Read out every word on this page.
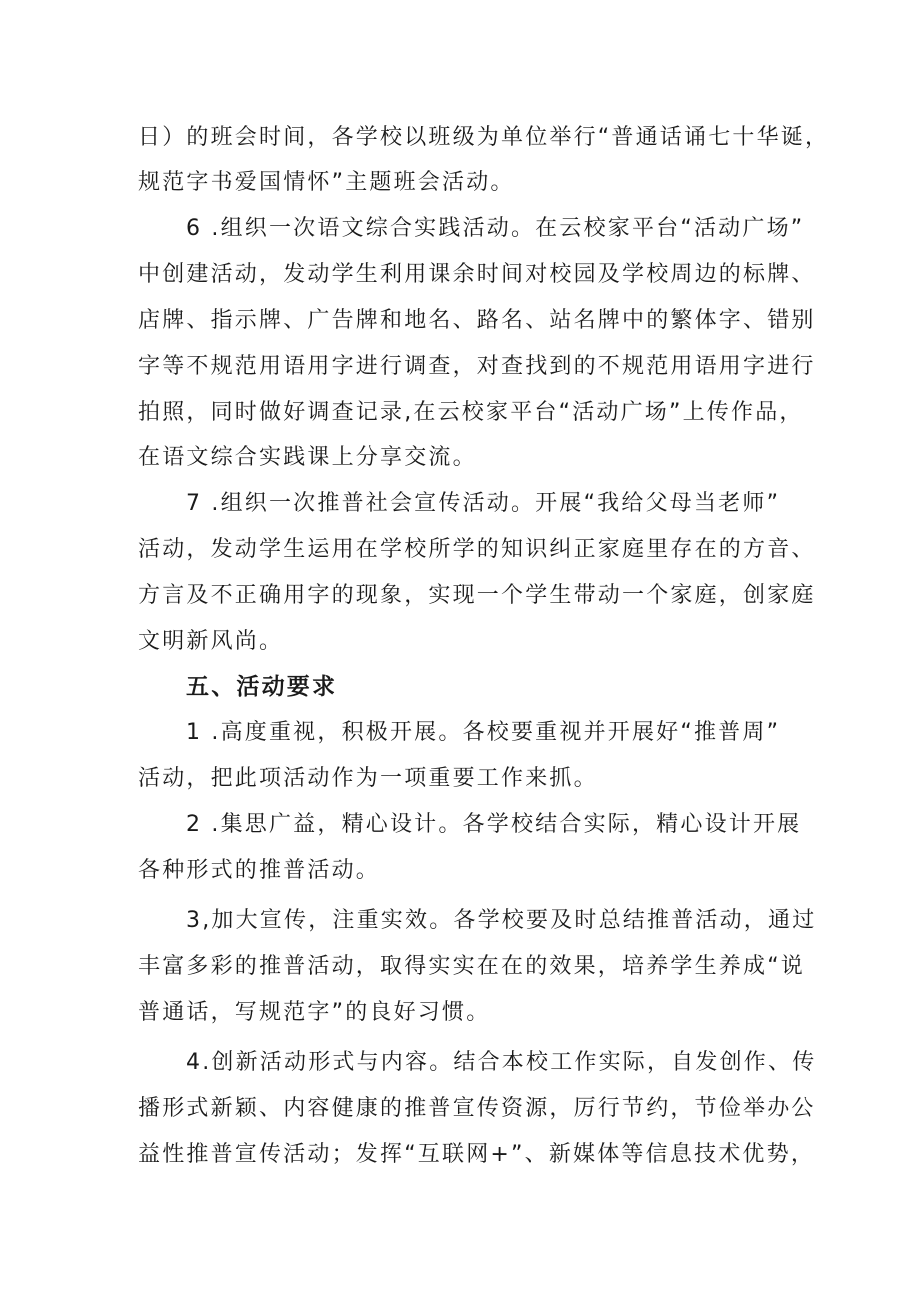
日）的班会时间，各学校以班级为单位举行“普通话诵七十华诞，
规范字书爱国情怀”主题班会活动。
6 .组织一次语文综合实践活动。在云校家平台“活动广场”
中创建活动，发动学生利用课余时间对校园及学校周边的标牌、
店牌、指示牌、广告牌和地名、路名、站名牌中的繁体字、错别
字等不规范用语用字进行调查，对查找到的不规范用语用字进行
拍照，同时做好调查记录,在云校家平台“活动广场”上传作品，
在语文综合实践课上分享交流。
7 .组织一次推普社会宣传活动。开展“我给父母当老师”
活动，发动学生运用在学校所学的知识纠正家庭里存在的方音、
方言及不正确用字的现象，实现一个学生带动一个家庭，创家庭
文明新风尚。
五、活动要求
1 .高度重视，积极开展。各校要重视并开展好“推普周”
活动，把此项活动作为一项重要工作来抓。
2 .集思广益，精心设计。各学校结合实际，精心设计开展
各种形式的推普活动。
3,加大宣传，注重实效。各学校要及时总结推普活动，通过
丰富多彩的推普活动，取得实实在在的效果，培养学生养成“说
普通话，写规范字”的良好习惯。
4.创新活动形式与内容。结合本校工作实际，自发创作、传
播形式新颖、内容健康的推普宣传资源，厉行节约，节俭举办公
益性推普宣传活动；发挥“互联网+”、新媒体等信息技术优势，
